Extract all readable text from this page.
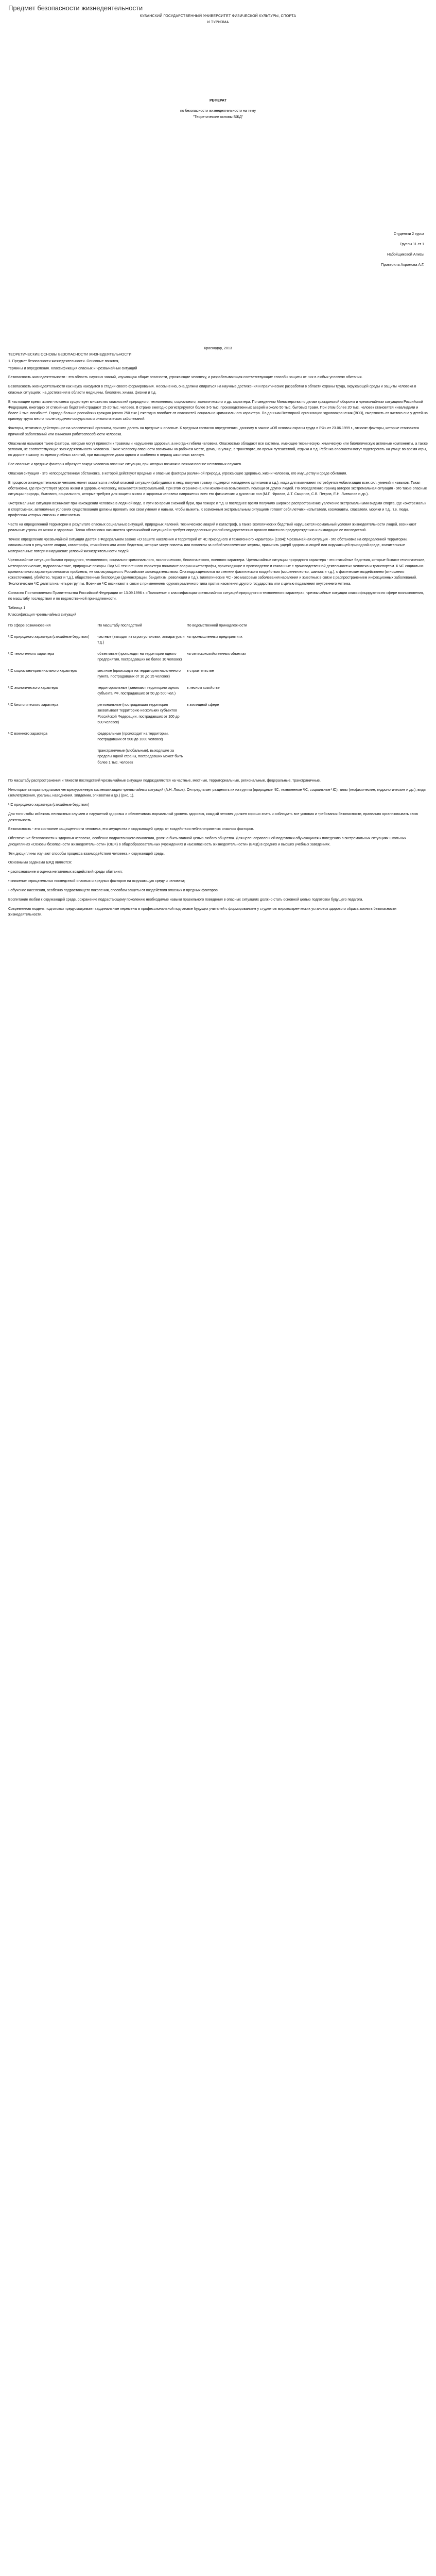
Предмет безопасности жизнедеятельности
КУБАНСКИЙ ГОСУДАРСТВЕННЫЙ УНИВЕРСИТЕТ ФИЗИЧЕСКОЙ КУЛЬТУРЫ, СПОРТА
И ТУРИЗМА
РЕФЕРАТ
по безопасности жизнедеятельности на тему
"Теоретические основы БЖД"
Студентки 2 курса
Группы 11 ст 1
Набойщиковой Алисы
Проверила Ахромова А.Г.
Краснодар, 2013

ТЕОРЕТИЧЕСКИЕ ОСНОВЫ БЕЗОПАСНОСТИ ЖИЗНЕДЕЯТЕЛЬНОСТИ

1. Предмет безопасности жизнедеятельности. Основные понятия,

термины и определения. Классификация опасных и чрезвычайных ситуаций

Безопасность жизнедеятельности - это область научных знаний, изучающая общие опасности, угрожающие человеку, и разрабатывающая соответствующие способы защиты от них в любых условиях обитания.

Безопасность жизнедеятельности как наука находится в стадии своего формирования. Несомненно, она должна опираться на научные достижения и практические разработки в области охраны труда, окружающей среды и защиты человека в опасных ситуациях, на достижения в области медицины, биологии, химии, физики и т.д.

В настоящее время жизни человека существует множество опасностей природного, техногенного, социального, экологического и др. характера. По сведениям Министерства по делам гражданской обороны и чрезвычайным ситуациям Российской Федерации, ежегодно от стихийных бедствий страдают 15-20 тыс. человек. В стране ежегодно регистрируется более 3-5 тыс. производственных аварий и около 50 тыс. бытовых травм. При этом более 20 тыс. человек становятся инвалидами и более 2 тыс. погибают¹. Гораздо больше российских граждан (около 250 тыс.) ежегодно погибает от опасностей социально-криминального характера. По данным Всемирной организации здравоохранения (ВОЗ), смертность от чистого сна у детей на примеру трупа место после сердечно-сосудистых и онкологических заболеваний.

Факторы, негативно действующие на человеческий организм, принято делить на вредные и опасные. К вредным согласно определению, данному в законе «Об основах охраны труда в РФ» от 23.06.1999 г., относят факторы, которые становятся причиной заболеваний или снижения работоспособности человека.

Опасными называют такие факторы, которые могут привести к травмам и нарушению здоровья, а иногда-к гибели человека. Опасностью обладают все системы, имеющие техническую, химическую или биологическую активные компоненты, а также условия, не соответствующие жизнедеятельности человека. Такие человеку опасности возможны на рабочем месте, дома, на улице, в транспорте, во время путешествий, отдыха и т.д. Ребенка опасности могут подстерегать на улице во время игры, по дороге в школу, во время учебных занятий, при нахождении дома одного и особенно в период школьных каникул.

Все опасные и вредные факторы образуют вокруг человека опасные ситуации, при которых возможно возникновение негативных случаев.

Опасная ситуация - это непосредственная обстановка, в которой действуют вредные и опасные факторы различной природы, угрожающие здоровью, жизни человека, его имуществу и среде обитания.

В процессе жизнедеятельности человек может оказаться в любой опасной ситуации (заблудился в лесу, получил травму, подвергся нападению хулиганов и т.д.), когда для выживания потребуется мобилизация всех сил, умений и навыков. Такая обстановка, где присутствует угроза жизни и здоровью человеку, называется экстремальной. При этом ограничена или исключена возможность помощи от других людей. По определению границ авторов экстремальная ситуация - это такие опасные ситуации природы, бытового, социального, которые требуют для защиты жизни и здоровья человека напряжения всех его физических и духовных сил (М.П. Фролов, А.Т. Смирнов, С.В. Петров, Е.Н. Литвинов и др.).

Экстремальные ситуации возникают при нахождении человека в ледяной воде, в пути во время снежной бури, при пожаре и т.д. В последнее время получило широкое распространение увлечение экстремальными видами спорта, где «экстремаль» в спортсменах, автономных условиях существования должны проявить все свои умения и навыки, чтобы выжить. К возможным экстремальным ситуациям готовят себя летчики-испытатели, космонавты, спасатели, моряки и т.д., т.е. люди, профессии которых связаны с опасностью.

Часто на определенной территории в результате опасных социальных ситуаций, природных явлений, технического аварий и катастроф, а также экологических бедствий нарушаются нормальный условия жизнедеятельности людей, возникают реальные угрозы их жизни и здоровью. Такая обстановка называется чрезвычайной ситуацией и требует определенных усилий государственных органов власти по предупреждению и ликвидации ее последствий.

Точное определение чрезвычайной ситуации дается в Федеральном законе «О защите населения и территорий от ЧС природного и техногенного характера» (1994): Чрезвычайная ситуация - это обстановка на определенной территории, сложившаяся в результате аварии, катастрофы, стихийного или иного бедствия, которые могут повлечь или повлекли за собой человеческие жертвы, причинить ущерб здоровью людей или окружающей природной среде, значительные материальные потери и нарушение условий жизнедеятельности людей.

Чрезвычайные ситуации бывают природного, техногенного, социально-криминального, экологического, биологического, военного характера. Чрезвычайные ситуации природного характера - это стихийные бедствия, которые бывают геологические, метеорологические, гидрологические, природные пожары. Под ЧС техногенного характера понимают аварии и катастрофы, происходящие в производстве и связанные с производственной деятельностью человека и транспортом. К ЧС социально-криминального характера относятся проблемы, не согласующиеся с Российским законодательством. Она подразделяются по степени фактического воздействия (мошенничество, шантаж и т.д.), с физическим воздействием (отношения (ожесточение), убийство, теракт и т.д.), общественные беспорядки (демонстрации, бандитизм, революция и т.д.). Биологические ЧС - это массовые заболевания населения и животных в связи с распространением инфекционных заболеваний. Экологические ЧС делятся на четыре группы. Военные ЧС возникают в связи с применением оружия различного типа против населения другого государства или с целью подавления внутреннего мятежа.

Согласно Постановлению Правительства Российской Федерации от 13.09.1996 г. «Положение о классификации чрезвычайных ситуаций природного и техногенного характера», чрезвычайные ситуации классифицируются по сфере возникновения, по масштабу последствия и по ведомственной принадлежности.

Таблица 1

Классификация чрезвычайных ситуаций

По сфере возникновения	По масштабу последствий	По ведомственной принадлежности
ЧС природного характера (стихийные бедствия)	частные (выходят из строя установки, аппаратура и т.д.)	на промышленных предприятиях
ЧС техногенного характера	объектовые (происходят на территории одного предприятия, пострадавших не более 10 человек)	на сельскохозяйственных объектах
ЧС социально-криминального характера	местные (происходят на территории населенного пункта, пострадавших от 10 до 15 человек)	в строительстве
ЧС экологического характера	территориальные (занимают территорию одного субъекта РФ, пострадавших от 50 до 500 чел.)	в лесном хозяйстве
ЧС биологического характера	региональные (пострадавшая территория захватывает территорию нескольких субъектов Российской Федерации, пострадавших от 100 до 500 человек)	в жилищной сфере
ЧС военного характера	федеральные (происходит на территории, пострадавших от 500 до 1000 человек)	
	трансграничные (глобальные), выходящие за пределы одной страны, пострадавших может быть более 1 тыс. человек	

По масштабу распространения и тяжести последствий чрезвычайные ситуации подразделяются на частные, местные, территориальные, региональные, федеральные, трансграничные.

Некоторые авторы предлагают четырехуровневую систематизацию чрезвычайных ситуаций (А.Н. Ляхов). Он предлагает разделять их на группы (природные ЧС, техногенные ЧС, социальные ЧС), типы (геофизические, гидрологические и др.), виды (землетрясения, ураганы, наводнения, эпидемии, эпизоотии и др.) (рис. 1).

ЧС природного характера (стихийные бедствия)

Для того чтобы избежать несчастных случаев и нарушений здоровья и обеспечивать нормальный уровень здоровья, каждый человек должен хорошо знать и соблюдать все условия и требования безопасности, правильно организовывать свою деятельность.

Безопасность - это состояние защищенности человека, его имущества и окружающей среды от воздействия неблагоприятных опасных факторов.

Обеспечение безопасности и здоровья человека, особенно подрастающего поколения, должно быть главной целью любого общества. Для целенаправленной подготовки обучающихся к поведению в экстремальных ситуациях школьных дисциплинах «Основы безопасности жизнедеятельности» (ОБЖ) в общеобразовательных учреждениях и «Безопасность жизнедеятельности» (БЖД) в средних и высших учебных заведениях.

Эти дисциплины изучают способы процесса взаимодействия человека и окружающей среды.

Основными задачами БЖД являются:

• распознавание и оценка негативных воздействий среды обитания;

• снижение отрицательных последствий опасных и вредных факторов на окружающую среду и человека;

• обучение населения, особенно подрастающего поколения, способам защиты от воздействия опасных и вредных факторов.

Воспитание любви к окружающей среде, сохранение подрастающему поколению необходимые навыки правильного поведения в опасных ситуациях должно стать основной целью подготовки будущего педагога.

Современная модель подготовки предусматривает кардинальные перемены в профессиональной подготовке будущих учителей с формированием у студентов мировоззренческих установок здорового образа жизни в безопасности жизнедеятельности.
